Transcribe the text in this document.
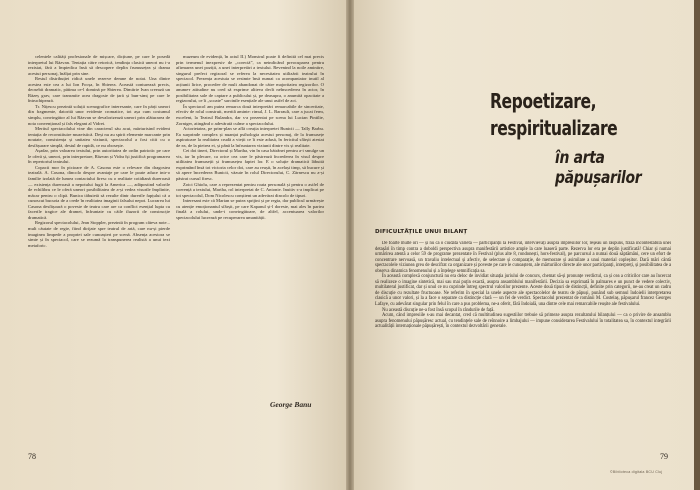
celentele calități profesionale de mișcare, dicțiune, pe care le posedă interpretul lui Răzvan. Tentația cătrе retorică, tendința clasică uneori nu i-a rezistat, fără a împiedica însă să descopere deplin frumusețea și drama acestui personaj, înălțat prin sine.

Restul distribuției ridică unele rezerve demne de notat. Una dintre acestea este cea a lui Ion Focșa, în Sbierea. Această conturează precis, deosebit dramatic, pătima ce-l domină pe Sbierea. Dimitrie Ivan creează un Răzeș grav, care transmite acea dragoste de țară și bun-simț pe care le întruchipează.

Tr. Nițescu prezintă soluții scenografice interesante, care în părți uneori din fragmente, datorită unor evidente cromatice, tot așa cum costumul simplu, convingător al lui Răzvan se devalorizează uneori prin alăturarea de nota convențional și fals elegant al Vidrei.

Meritul spectacolului vine din caracterul său acut, mărturisind evident tentația de reconstituire muzeistică. Deși nu au spirit elemente marcante prin noutate, consistența și unitatea viziunii, spectacolul a fost citit cu o desfășurare simplă, destul de rapidă, ce nu obosește.

Așadar, prin valoarea textului, prin autoritatea de ordin patriotic pe care le oferă și, uneori, prin interpretare, Răzvan și Vidra își justifică programarea în repertoriul teatrului.

Copacii mor în picioare de A. Casona este o relevare din dragostea teatrală. A. Casona, dincolo despre avantaje pe care le poate aduce intr-o familie izolată de lumea contactului firesc cu o realitate cotidiană durerоasă — existența dureroasă a nepotului fugit la America —, adăpostind valorile de echilibru ce le oferă uneori posibilitatea de a-și vedea visurile împlinite, măcar pentru o clipă. Bunica tăbuietă să rezulte dintr durerile fapțului că a cunoscut bucuria de a crede în realitatea imaginii falsului nepot. Lucrarea lui Casona desfășoară o poveste de teatru care are ca conflict esențial lupta cu facerile tragice ale dramei, înfruntate cu căile iluzorii de construcție dramatică.

Regizorul spectacolului, Jean Stoppler, prezintă în program câteva note... mult căutate de regie, fiind dirijate spre teatrul de artă, care nu-și pierde imaginea limpede a propriei sale cunoașteri pe scenă. Absența acestora se simte și în spectacol, care se rezumă la transpunerea realistă a unui text metaforic.

muzeum de evidență, în actul II.) Monstrul poate fi definită cel mai precis prin termenul inexpresiv de „corectă”, ca neindicând preocuparea pentru afirmarea unei poziții, a unei interpretări a textului. Revenind la noile aminitre, singurul prefect regizoral se referea la necesitatea utilizării teatrului în spectacol. Prezența acestuia se resimte însă numai ca acompaniator inutil al acțiunii lirice, procedee de mult abandonat de către majoritatea regizorilor. O anumeт atitudine nu cred să exprime aliteva decît neînscederea în actor, în posibilitatea sale de captare a publicului și, pe deasupra, o anumită opacitate a regizorului, ce îi „scoate” sarcinile esențiale ale unui astfel de act.

În spectacol am putea remarca două interpretări remarcabile de sinceritate, efectiv de rolul construit, meritã aminte: rimul, J. L. Barrault, care a jucat ferm, excelent, la Teatrul Bulandra, dar s-a prezentat pe scena lui Lucian Pintilie, Zorniger, atingând o adevărată culme a spectacolului.

Actorietatea, pe prim-plan se află creația interpretei Bunicii — Tally Barbu. Ea surprinde complex și nuanțat psihologia acestui personaj, de la frumusețe aspiratoare la realitatea crudă a vieții ce îi este adusă, în fericitul sfârșit atestat de ea, de la pieirea ei, și până la înfruntarea viziunii dintre vis și realitate.

Cei doi tineri, Directorul și Martha, vin în casa bătrânei pentru a-i smulge un vis, iar în plecare, ca orice cea care le păstrează încrederea în visul despre utilitatea frumuseții și frumusețea faptei lor. E o soluție dramatică lăbuită exprimând însă tot victoria celor doi, care au reușit, în același timp, să bucure și să apere încrederea Bunicii, văzute în rolul Directorului, C. Zărnescu nu a-și păstrat cursul firesc.

Zoici Ghiolu, care a reprezentat pentru roata personală și pentru o astfel de coerență a textului, Martha, rol interpretat de C. Antonie. Inuitiv s-a implicat pe tot spectacolul, Dom Nicolescu conștient un adevărat dincolo de tipuri.

Interesant este că Marian se putea sprijini și pe regia, dar publicul urmărește cu atenție emoționantul sfârșit, pe care Kapanul și-l doreste, mai ales în partea finală a rolului, unde-i convingătoare, de altfel, accentuarea valorilor spectacolului lucrează pe recuperarea umanității.

George Banu
78	79
Repoetizare,
respiritualizare
în arta păpușarilor
DIFICULTĂȚILE UNUI BILANȚ

De foarte multe ori — și nu ca o ciudată varietă — participanții la Festival, intervievați asupra impresiilor lor, reșeau un răspuns, frază incontestabilă unei detașări în timp contra a doboldi perspectiva asupra manifestării artistice ample la care luaseră parte. Rezerva lor era pe deplin justificată! Chiar și numai urmărirea atentă a celor 59 de programe prezentate în Festival (plus alte 8, rondonești, hors-festival), pe parcursul a numai două săptămâni, cere un efort de concentrare nervoasă, un travaliu intelectual și afectiv, de selectare și comparație, de memorare și asimilare a unui material copleșitor. Dară mări cântă spectacolele viziunea greu de descifrat ca organizare și poveste pe care le cunoaștem, ale mărturiilor directe ale unor participanți, interpreți, și posibilitatea de a observa dinamica fenomenului și a înțelege semnificația sa.

În această complexă conjunctură nu era deloc de invidiat situația juriului de concurs, chemat să-și pronunțe verdictul, ca și cea a criticilor care au încercat să realizeze o imagine sintetică, mai sau mai puțin exactă, asupra ansamblului manifestării. Decizia sa exprimată în palmares e un punct de vedere colectiv, multilateral justificat, dar și unul ce nu cuprinde întreg spectrul valorilor prezente. Aceste două tipuri de distincții, definite prin categorii, ne-au creat un cadru de discuție cu rezultate fructuoase. Ne referim în special la unele aspecte ale spectacolelor de teatru de păpuși, punând sub semnul îndoielii interpretarea clasică a unor valori, și la a face o separare ca distincție clară — un fel de verdict. Spectacolul prezentat de românii M. Costelaș, păpușarul francez Georges Lafaye, cu adevărat singular prin felul în care a pus problema, ne-a oferit, fără îndoială, una dintre cele mai remarcabile reușite ale festivalului.

Nu această discuție ne-a fost însă scopul în rândurile de față.

Acum, când impresiile s-au mai decantat, cred că multitudinea sugestiilor trebuie să primeze asupra rezultatului bilanțului — ca o privire de ansamblu asupra fenomenului păpușăresc actual, cu tendințele sale de reînnoire a limbajului — impune considerarea Festivalului în totalitatea sa, în contextul integrării actualității internaționale păpușărești, în contextul dezvoltării generale.

©Biblioteca digitala BCU Cluj
